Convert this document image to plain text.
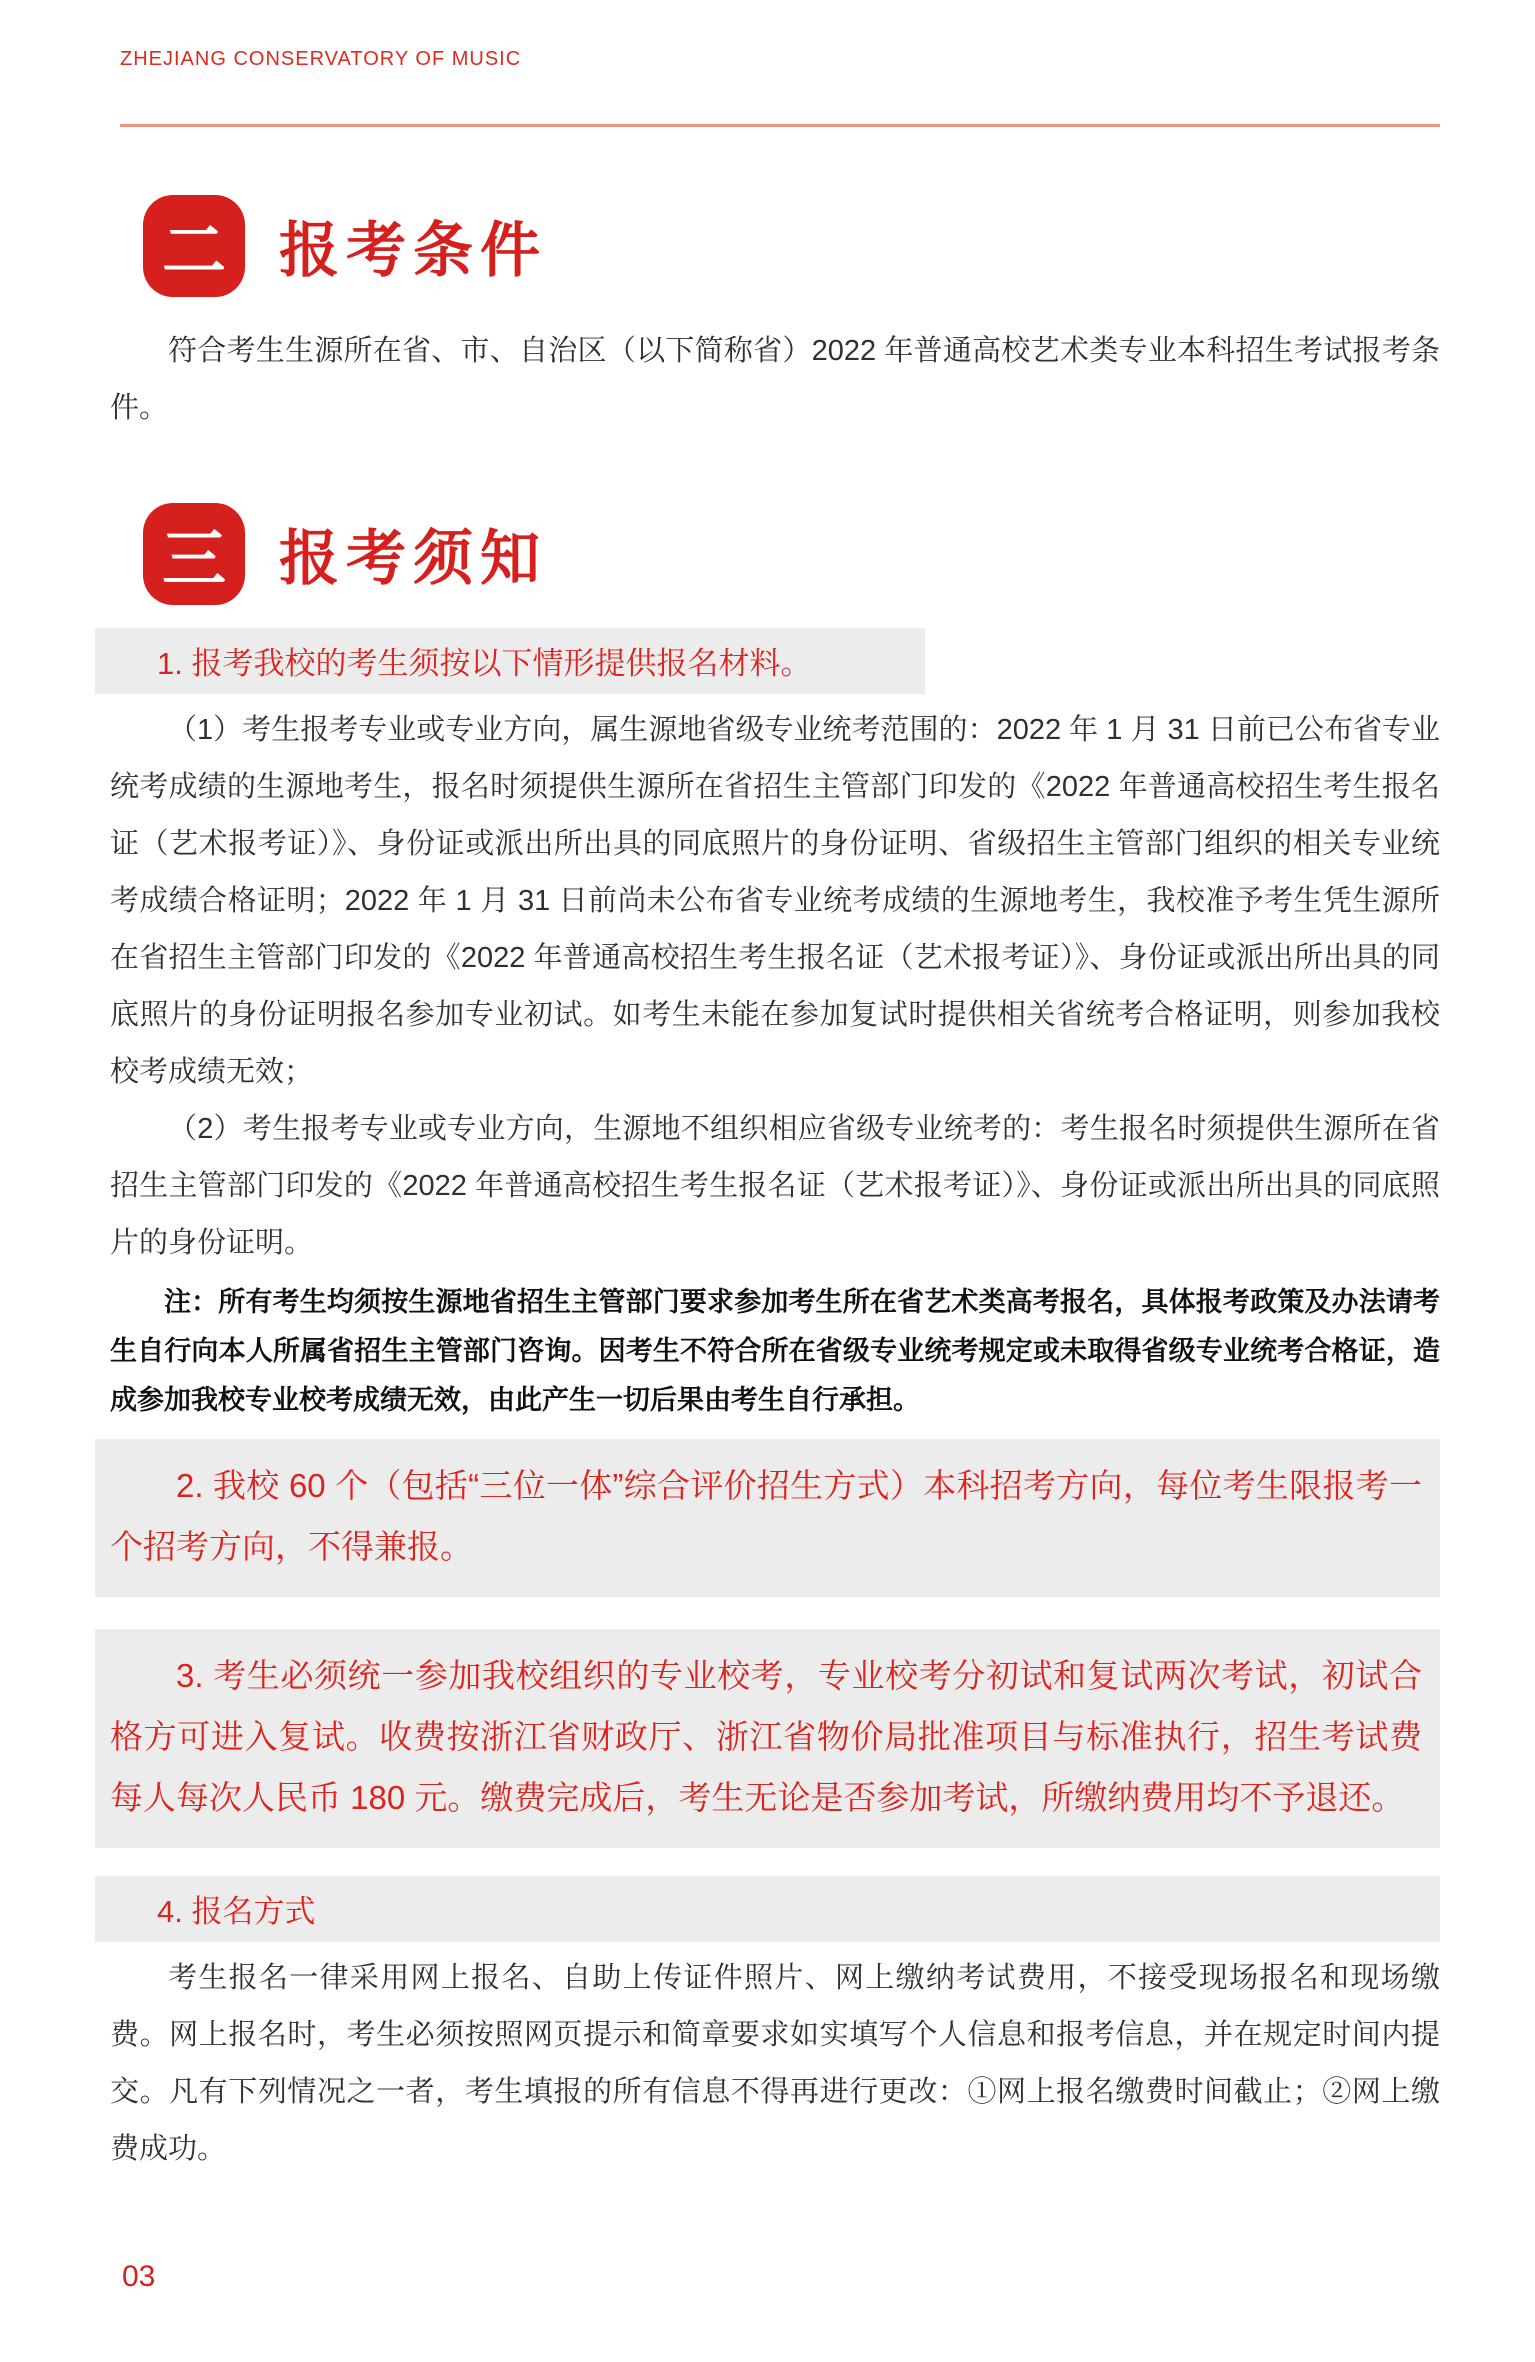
ZHEJIANG CONSERVATORY OF MUSIC
二 报考条件

符合考生生源所在省、市、自治区（以下简称省）2022 年普通高校艺术类专业本科招生考试报考条件。

三 报考须知
1. 报考我校的考生须按以下情形提供报名材料。

（1）考生报考专业或专业方向，属生源地省级专业统考范围的：2022 年 1 月 31 日前已公布省专业统考成绩的生源地考生，报名时须提供生源所在省招生主管部门印发的《2022 年普通高校招生考生报名证（艺术报考证）》、身份证或派出所出具的同底照片的身份证明、省级招生主管部门组织的相关专业统考成绩合格证明；2022 年 1 月 31 日前尚未公布省专业统考成绩的生源地考生，我校准予考生凭生源所在省招生主管部门印发的《2022 年普通高校招生考生报名证（艺术报考证）》、身份证或派出所出具的同底照片的身份证明报名参加专业初试。如考生未能在参加复试时提供相关省统考合格证明，则参加我校校考成绩无效；

（2）考生报考专业或专业方向，生源地不组织相应省级专业统考的：考生报名时须提供生源所在省招生主管部门印发的《2022 年普通高校招生考生报名证（艺术报考证）》、身份证或派出所出具的同底照片的身份证明。

注：所有考生均须按生源地省招生主管部门要求参加考生所在省艺术类高考报名，具体报考政策及办法请考生自行向本人所属省招生主管部门咨询。因考生不符合所在省级专业统考规定或未取得省级专业统考合格证，造成参加我校专业校考成绩无效，由此产生一切后果由考生自行承担。

2. 我校 60 个（包括“三位一体”综合评价招生方式）本科招考方向，每位考生限报考一个招考方向，不得兼报。
3. 考生必须统一参加我校组织的专业校考，专业校考分初试和复试两次考试，初试合格方可进入复试。收费按浙江省财政厅、浙江省物价局批准项目与标准执行，招生考试费每人每次人民币 180 元。缴费完成后，考生无论是否参加考试，所缴纳费用均不予退还。
4. 报名方式

考生报名一律采用网上报名、自助上传证件照片、网上缴纳考试费用，不接受现场报名和现场缴费。网上报名时，考生必须按照网页提示和简章要求如实填写个人信息和报考信息，并在规定时间内提交。凡有下列情况之一者，考生填报的所有信息不得再进行更改：①网上报名缴费时间截止；②网上缴费成功。

03
